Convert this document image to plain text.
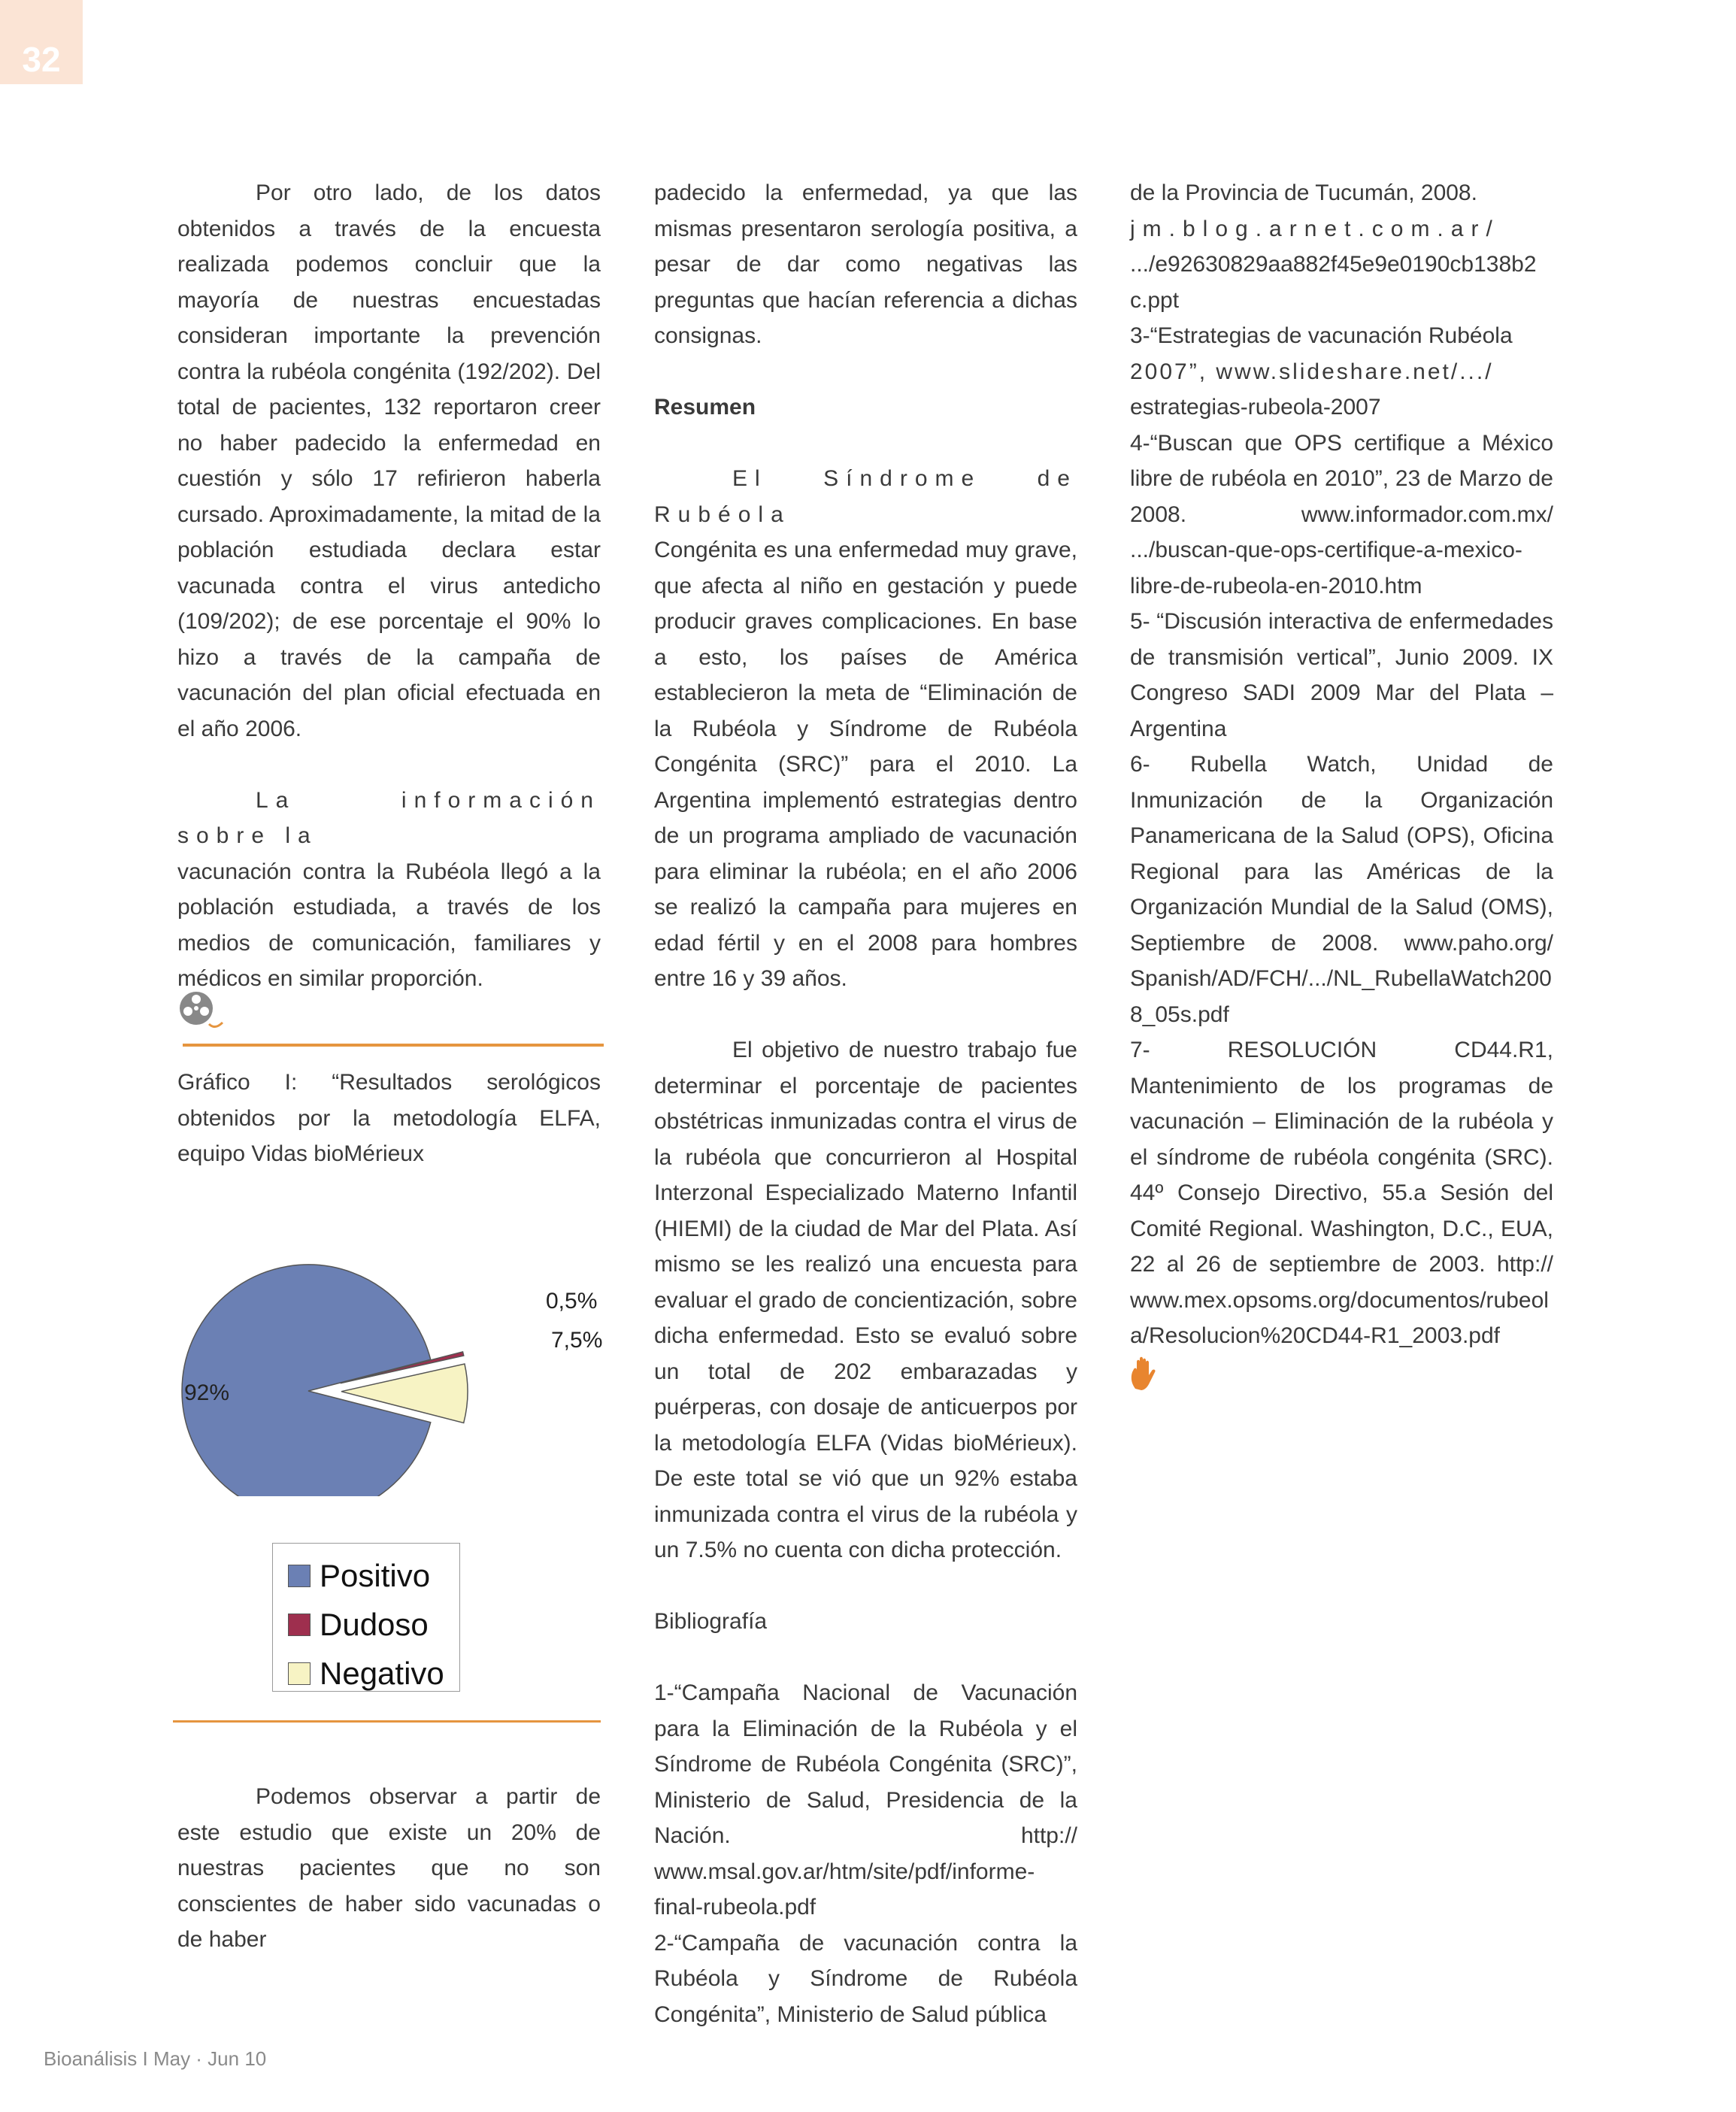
32

Por otro lado, de los datos obtenidos a través de la encuesta realizada podemos concluir que la mayoría de nuestras encuestadas consideran importante la prevención contra la rubéola congénita (192/202). Del total de pacientes, 132 reportaron creer no haber padecido la enfermedad en cuestión y sólo 17 refirieron haberla cursado. Aproximadamente, la mitad de la población estudiada declara estar vacunada contra el virus antedicho (109/202); de ese porcentaje el 90% lo hizo a través de la campaña de vacunación del plan oficial efectuada en el año 2006.

La información sobre la

vacunación contra la Rubéola llegó a la población estudiada, a través de los medios de comunicación, familiares y médicos en similar proporción.

Gráfico I: “Resultados serológicos obtenidos por la metodología ELFA, equipo Vidas bioMérieux
92%
0,5%
7,5%
Positivo
Dudoso
Negativo

Podemos observar a partir de este estudio que existe un 20% de nuestras pacientes que no son conscientes de haber sido vacunadas o de haber

padecido la enfermedad, ya que las mismas presentaron serología positiva, a pesar de dar como negativas las preguntas que hacían referencia a dichas consignas.

Resumen

El Síndrome de Rubéola

Congénita es una enfermedad muy grave, que afecta al niño en gestación y puede producir graves complicaciones. En base a esto, los países de América establecieron la meta de “Eliminación de la Rubéola y Síndrome de Rubéola Congénita (SRC)” para el 2010. La Argentina implementó estrategias dentro de un programa ampliado de vacunación para eliminar la rubéola; en el año 2006 se realizó la campaña para mujeres en edad fértil y en el 2008 para hombres entre 16 y 39 años.

El objetivo de nuestro trabajo fue determinar el porcentaje de pacientes obstétricas inmunizadas contra el virus de la rubéola que concurrieron al Hospital Interzonal Especializado Materno Infantil (HIEMI) de la ciudad de Mar del Plata. Así mismo se les realizó una encuesta para evaluar el grado de concientización, sobre dicha enfermedad. Esto se evaluó sobre un total de 202 embarazadas y puérperas, con dosaje de anticuerpos por la metodología ELFA (Vidas bioMérieux). De este total se vió que un 92% estaba inmunizada contra el virus de la rubéola y un 7.5% no cuenta con dicha protección.

Bibliografía

1-“Campaña Nacional de Vacunación para la Eliminación de la Rubéola y el Síndrome de Rubéola Congénita (SRC)”, Ministerio de Salud, Presidencia de la Nación. http:// www.msal.gov.ar/htm/site/pdf/informe-final-rubeola.pdf

2-“Campaña de vacunación contra la Rubéola y Síndrome de Rubéola Congénita”, Ministerio de Salud pública

de la Provincia de Tucumán, 2008.

jm.blog.arnet.com.ar/

.../e92630829aa882f45e9e0190cb138b2c.ppt

3-“Estrategias de vacunación Rubéola

2007”, www.slideshare.net/.../

estrategias-rubeola-2007

4-“Buscan que OPS certifique a México libre de rubéola en 2010”, 23 de Marzo de 2008. www.informador.com.mx/ .../buscan-que-ops-certifique-a-mexico-libre-de-rubeola-en-2010.htm

5- “Discusión interactiva de enfermedades de transmisión vertical”, Junio 2009. IX Congreso SADI 2009 Mar del Plata – Argentina

6- Rubella Watch, Unidad de Inmunización de la Organización Panamericana de la Salud (OPS), Oficina Regional para las Américas de la Organización Mundial de la Salud (OMS), Septiembre de 2008. www.paho.org/ Spanish/AD/FCH/.../NL_RubellaWatch2008_05s.pdf

7- RESOLUCIÓN CD44.R1, Mantenimiento de los programas de vacunación – Eliminación de la rubéola y el síndrome de rubéola congénita (SRC). 44º Consejo Directivo, 55.a Sesión del Comité Regional. Washington, D.C., EUA, 22 al 26 de septiembre de 2003. http:// www.mex.opsoms.org/documentos/rubeola/Resolucion%20CD44-R1_2003.pdf

Bioanálisis I May · Jun 10
